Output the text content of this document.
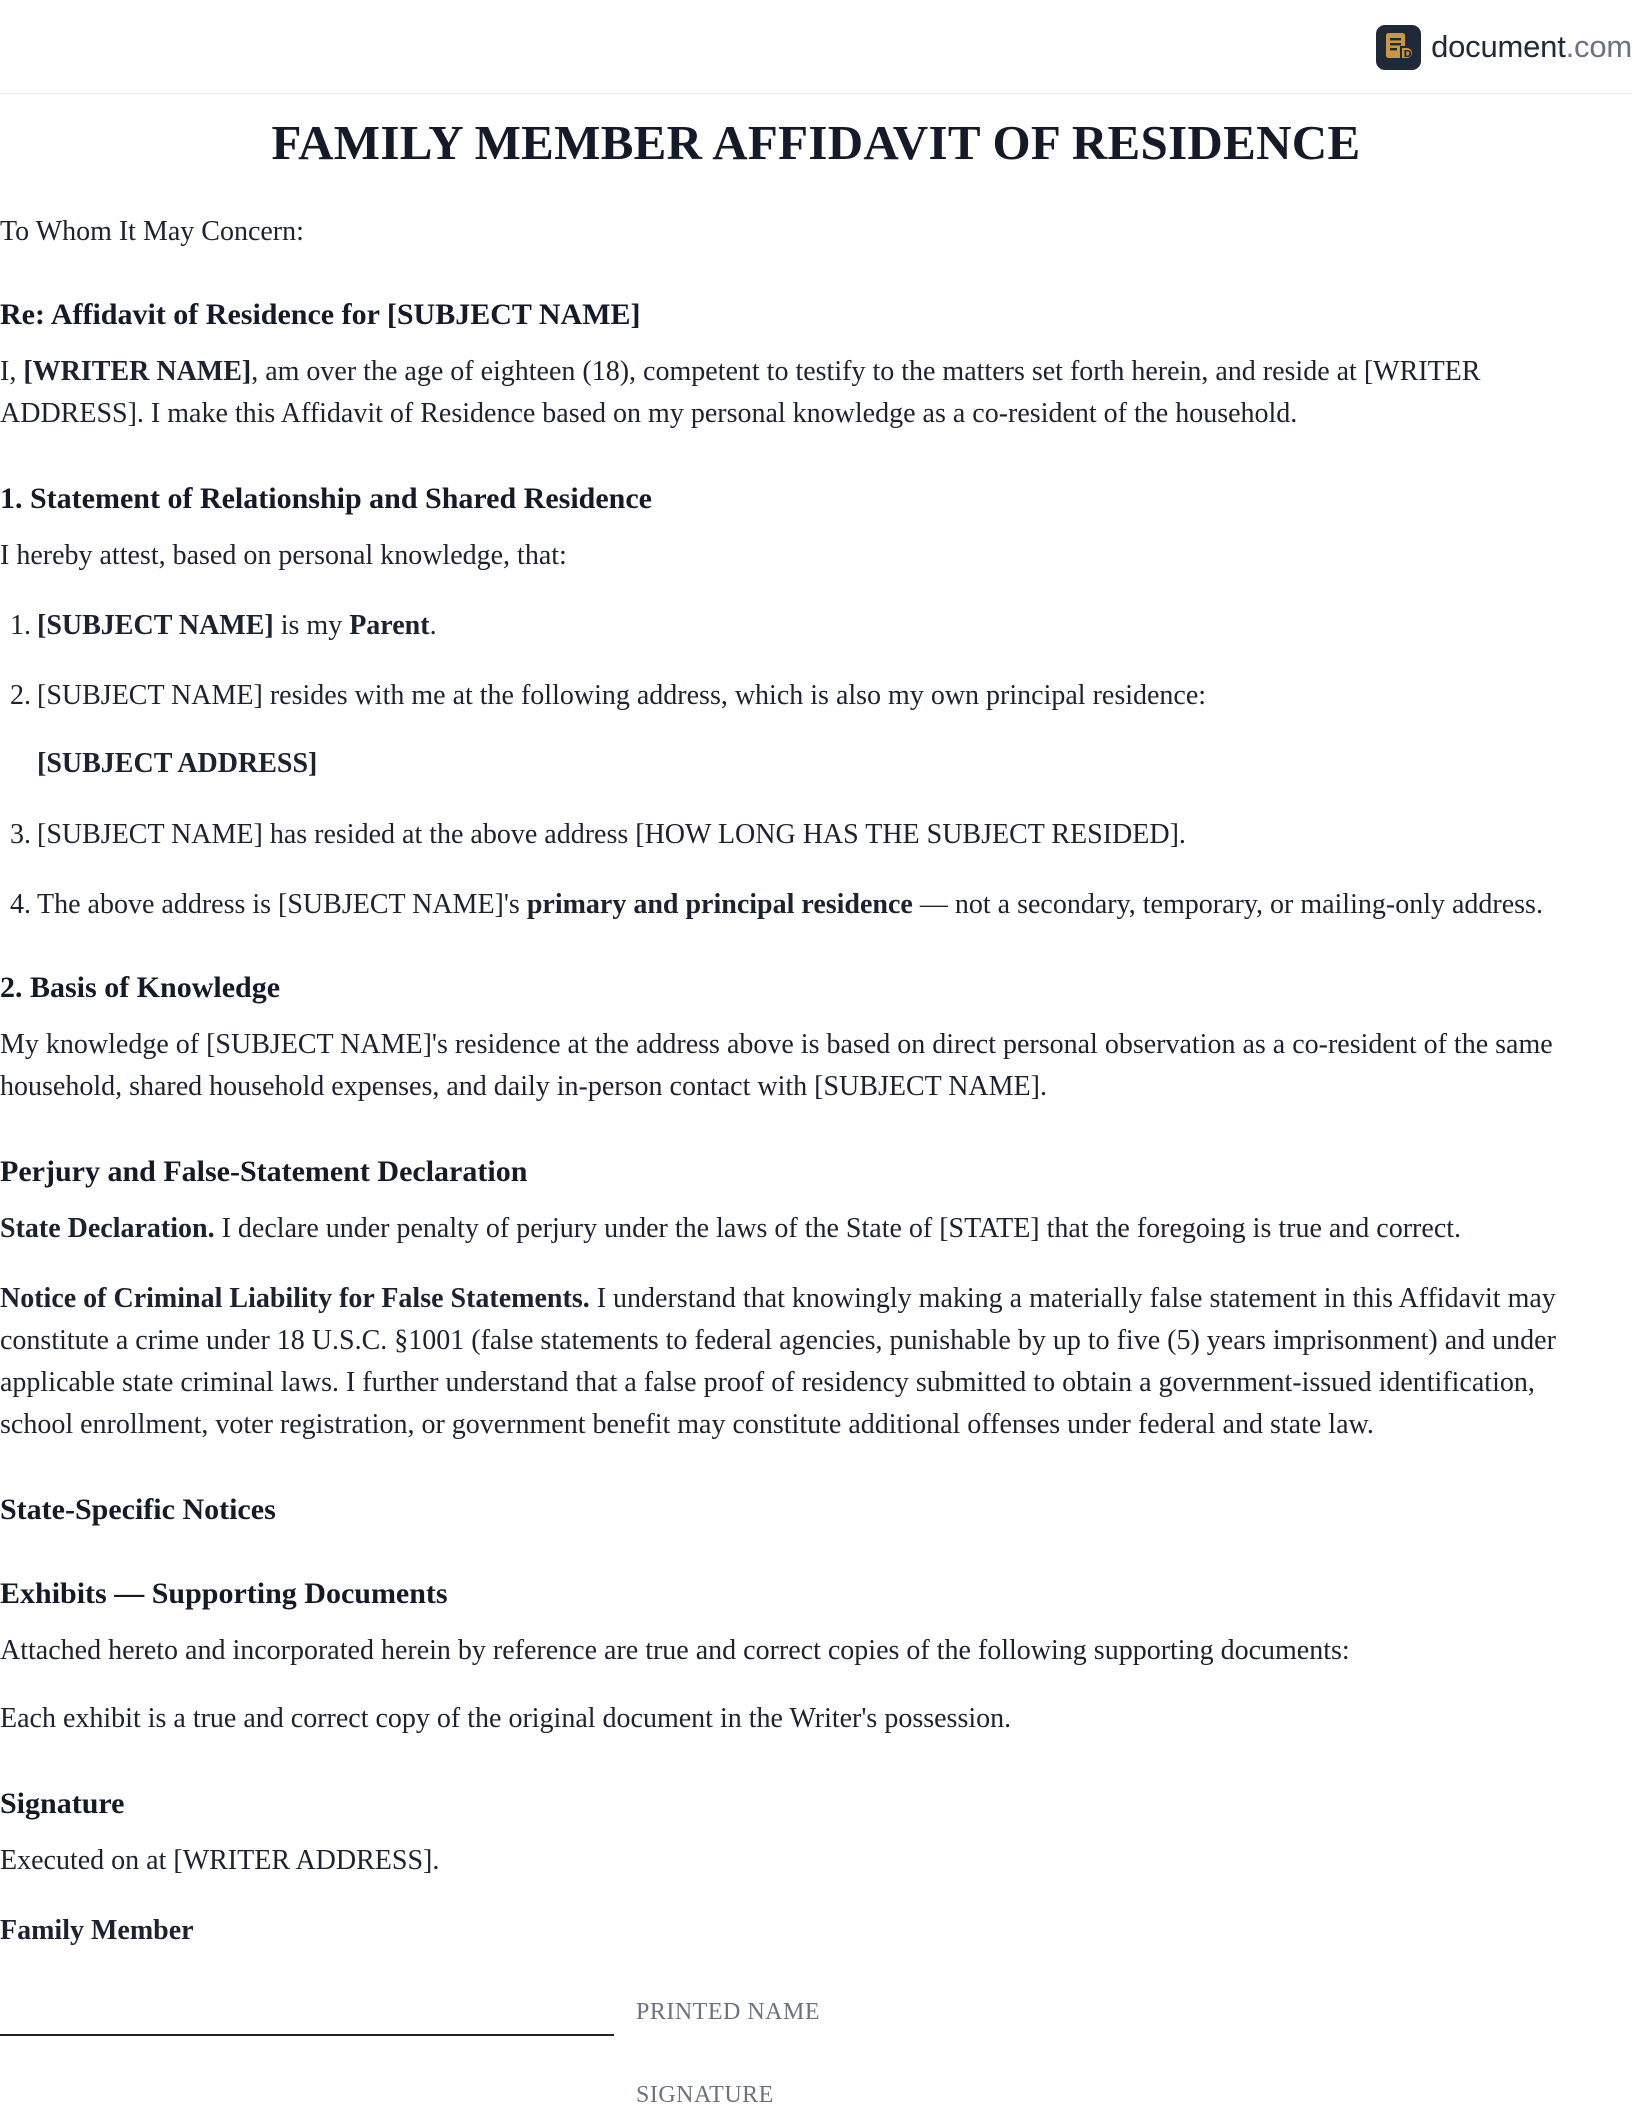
D document.com
FAMILY MEMBER AFFIDAVIT OF RESIDENCE
To Whom It May Concern:
Re: Affidavit of Residence for [SUBJECT NAME]
I, [WRITER NAME], am over the age of eighteen (18), competent to testify to the matters set forth herein, and reside at [WRITER
ADDRESS]. I make this Affidavit of Residence based on my personal knowledge as a co-resident of the household.
1. Statement of Relationship and Shared Residence
I hereby attest, based on personal knowledge, that:
1. [SUBJECT NAME] is my Parent.
2. [SUBJECT NAME] resides with me at the following address, which is also my own principal residence:
[SUBJECT ADDRESS]
3. [SUBJECT NAME] has resided at the above address [HOW LONG HAS THE SUBJECT RESIDED].
4. The above address is [SUBJECT NAME]'s primary and principal residence — not a secondary, temporary, or mailing-only address.
2. Basis of Knowledge
My knowledge of [SUBJECT NAME]'s residence at the address above is based on direct personal observation as a co-resident of the same
household, shared household expenses, and daily in-person contact with [SUBJECT NAME].
Perjury and False-Statement Declaration
State Declaration. I declare under penalty of perjury under the laws of the State of [STATE] that the foregoing is true and correct.
Notice of Criminal Liability for False Statements. I understand that knowingly making a materially false statement in this Affidavit may
constitute a crime under 18 U.S.C. §1001 (false statements to federal agencies, punishable by up to five (5) years imprisonment) and under
applicable state criminal laws. I further understand that a false proof of residency submitted to obtain a government-issued identification,
school enrollment, voter registration, or government benefit may constitute additional offenses under federal and state law.
State-Specific Notices
Exhibits — Supporting Documents
Attached hereto and incorporated herein by reference are true and correct copies of the following supporting documents:
Each exhibit is a true and correct copy of the original document in the Writer's possession.
Signature
Executed on at [WRITER ADDRESS].
Family Member
PRINTED NAME
SIGNATURE
